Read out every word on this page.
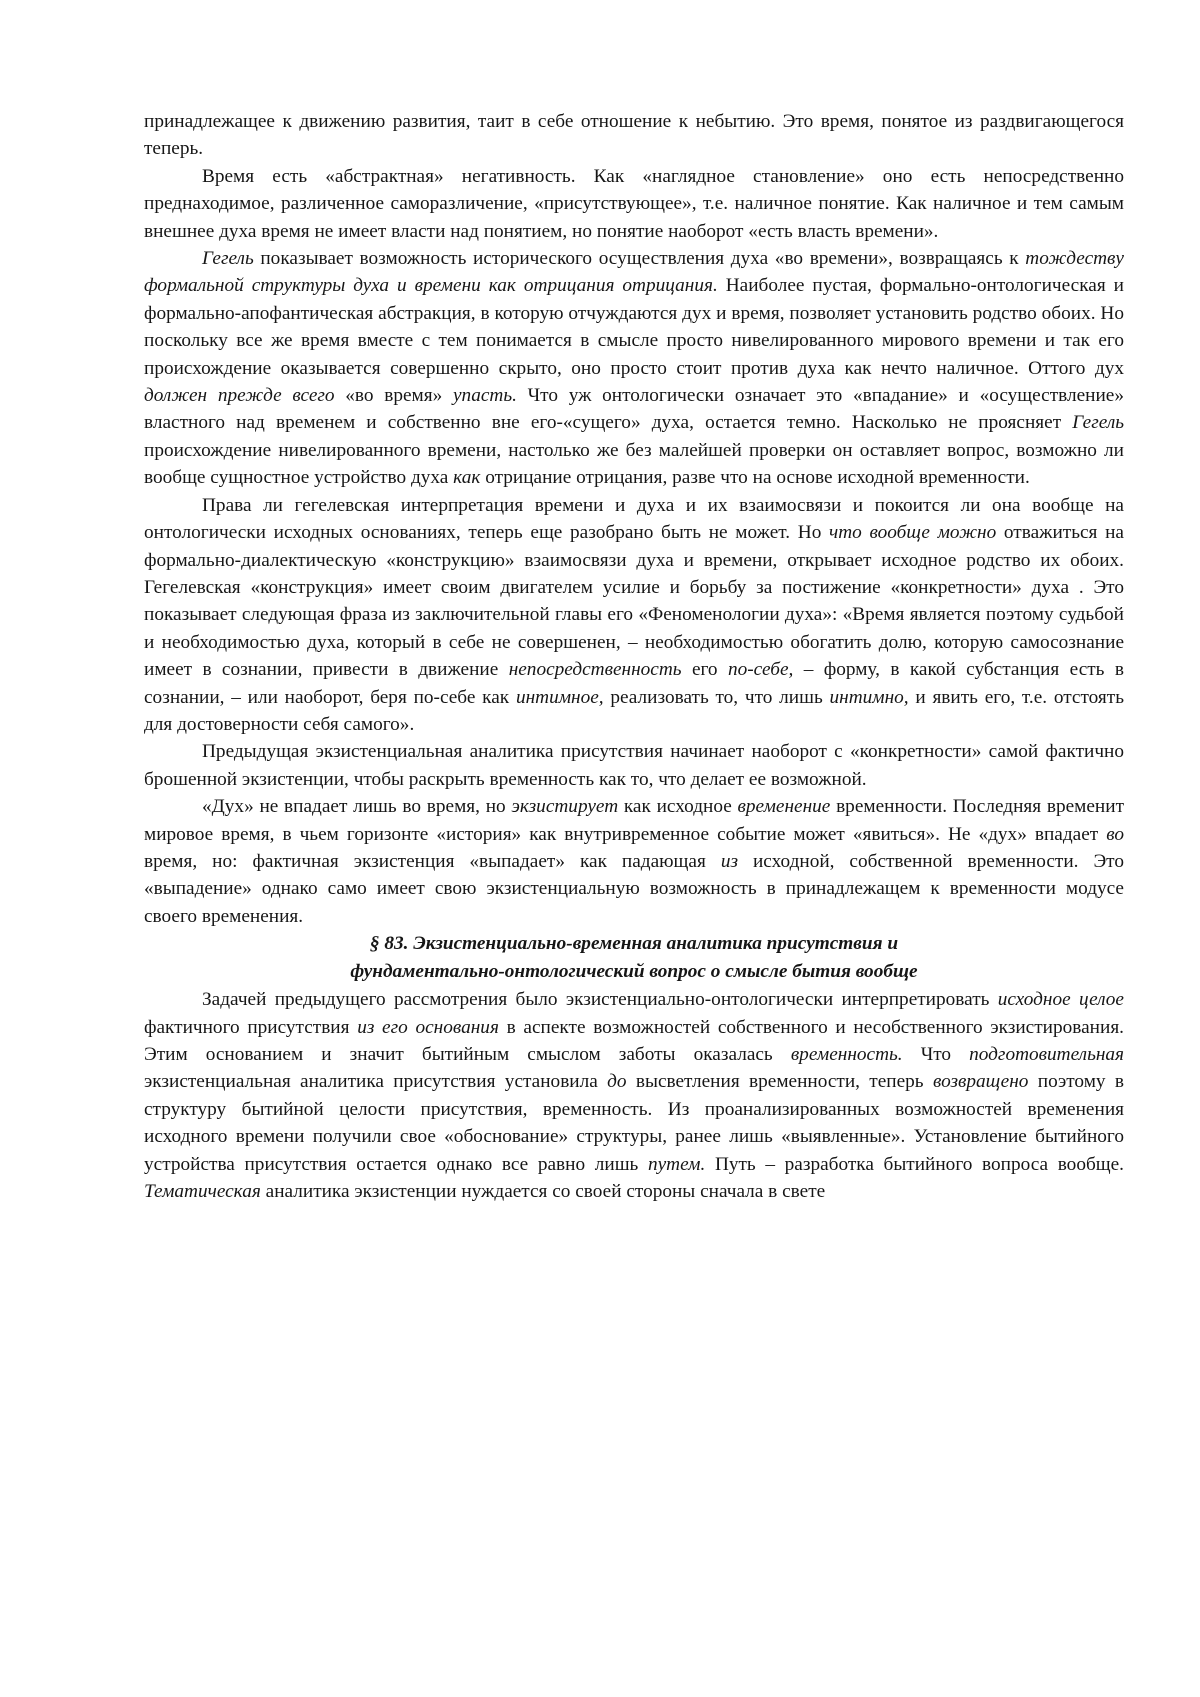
принадлежащее к движению развития, таит в себе отношение к небытию. Это время, понятое из раздвигающегося теперь.

Время есть «абстрактная» негативность. Как «наглядное становление» оно есть непосредственно преднаходимое, различенное саморазличение, «присутствующее», т.е. наличное понятие. Как наличное и тем самым внешнее духа время не имеет власти над понятием, но понятие наоборот «есть власть времени».

Гегель показывает возможность исторического осуществления духа «во времени», возвращаясь к тождеству формальной структуры духа и времени как отрицания отрицания. Наиболее пустая, формально-онтологическая и формально-апофантическая абстракция, в которую отчуждаются дух и время, позволяет установить родство обоих. Но поскольку все же время вместе с тем понимается в смысле просто нивелированного мирового времени и так его происхождение оказывается совершенно скрыто, оно просто стоит против духа как нечто наличное. Оттого дух должен прежде всего «во время» упасть. Что уж онтологически означает это «впадание» и «осуществление» властного над временем и собственно вне его-«сущего» духа, остается темно. Насколько не проясняет Гегель происхождение нивелированного времени, настолько же без малейшей проверки он оставляет вопрос, возможно ли вообще сущностное устройство духа как отрицание отрицания, разве что на основе исходной временности.

Права ли гегелевская интерпретация времени и духа и их взаимосвязи и покоится ли она вообще на онтологически исходных основаниях, теперь еще разобрано быть не может. Но что вообще можно отважиться на формально-диалектическую «конструкцию» взаимосвязи духа и времени, открывает исходное родство их обоих. Гегелевская «конструкция» имеет своим двигателем усилие и борьбу за постижение «конкретности» духа . Это показывает следующая фраза из заключительной главы его «Феноменологии духа»: «Время является поэтому судьбой и необходимостью духа, который в себе не совершенен, – необходимостью обогатить долю, которую самосознание имеет в сознании, привести в движение непосредственность его по-себе, – форму, в какой субстанция есть в сознании, – или наоборот, беря по-себе как интимное, реализовать то, что лишь интимно, и явить его, т.е. отстоять для достоверности себя самого».

Предыдущая экзистенциальная аналитика присутствия начинает наоборот с «конкретности» самой фактично брошенной экзистенции, чтобы раскрыть временность как то, что делает ее возможной.

«Дух» не впадает лишь во время, но экзистирует как исходное временение временности. Последняя временит мировое время, в чьем горизонте «история» как внутривременное событие может «явиться». Не «дух» впадает во время, но: фактичная экзистенция «выпадает» как падающая из исходной, собственной временности. Это «выпадение» однако само имеет свою экзистенциальную возможность в принадлежащем к временности модусе своего временения.

§ 83. Экзистенциально-временная аналитика присутствия и
фундаментально-онтологический вопрос о смысле бытия вообще

Задачей предыдущего рассмотрения было экзистенциально-онтологически интерпретировать исходное целое фактичного присутствия из его основания в аспекте возможностей собственного и несобственного экзистирования. Этим основанием и значит бытийным смыслом заботы оказалась временность. Что подготовительная экзистенциальная аналитика присутствия установила до высветления временности, теперь возвращено поэтому в структуру бытийной целости присутствия, временность. Из проанализированных возможностей временения исходного времени получили свое «обоснование» структуры, ранее лишь «выявленные». Установление бытийного устройства присутствия остается однако все равно лишь путем. Путь – разработка бытийного вопроса вообще. Тематическая аналитика экзистенции нуждается со своей стороны сначала в свете
